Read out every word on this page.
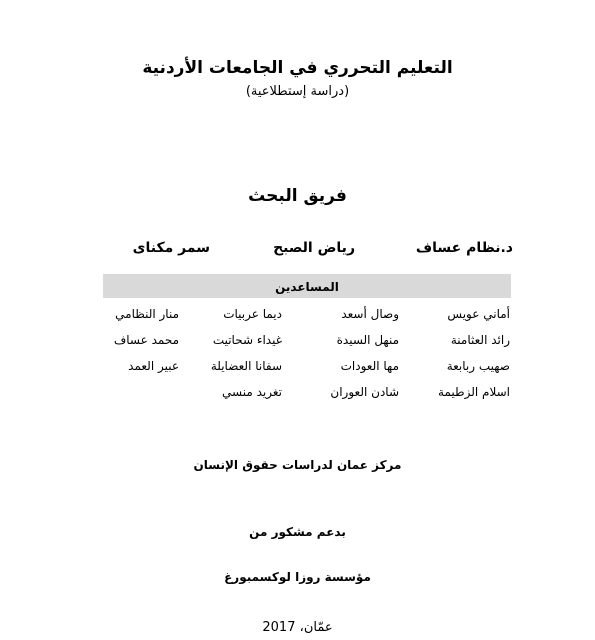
التعليم التحرري في الجامعات الأردنية
(دراسة إستطلاعية)
فريق البحث
د.نظام عساف
رياض الصبح
سمر مكناى
المساعدين
أماني عويس
وصال أسعد
ديما عربيات
منار النظامي
رائد العثامنة
منهل السيدة
غيداء شحاتيت
محمد عساف
صهيب ربابعة
مها العودات
سفانا العضايلة
عبير العمد
اسلام الزطيمة
شادن العوران
تغريد منسي
مركز عمان لدراسات حقوق الإنسان
بدعم مشكور من
مؤسسة روزا لوكسمبورغ
عمّان، 2017
